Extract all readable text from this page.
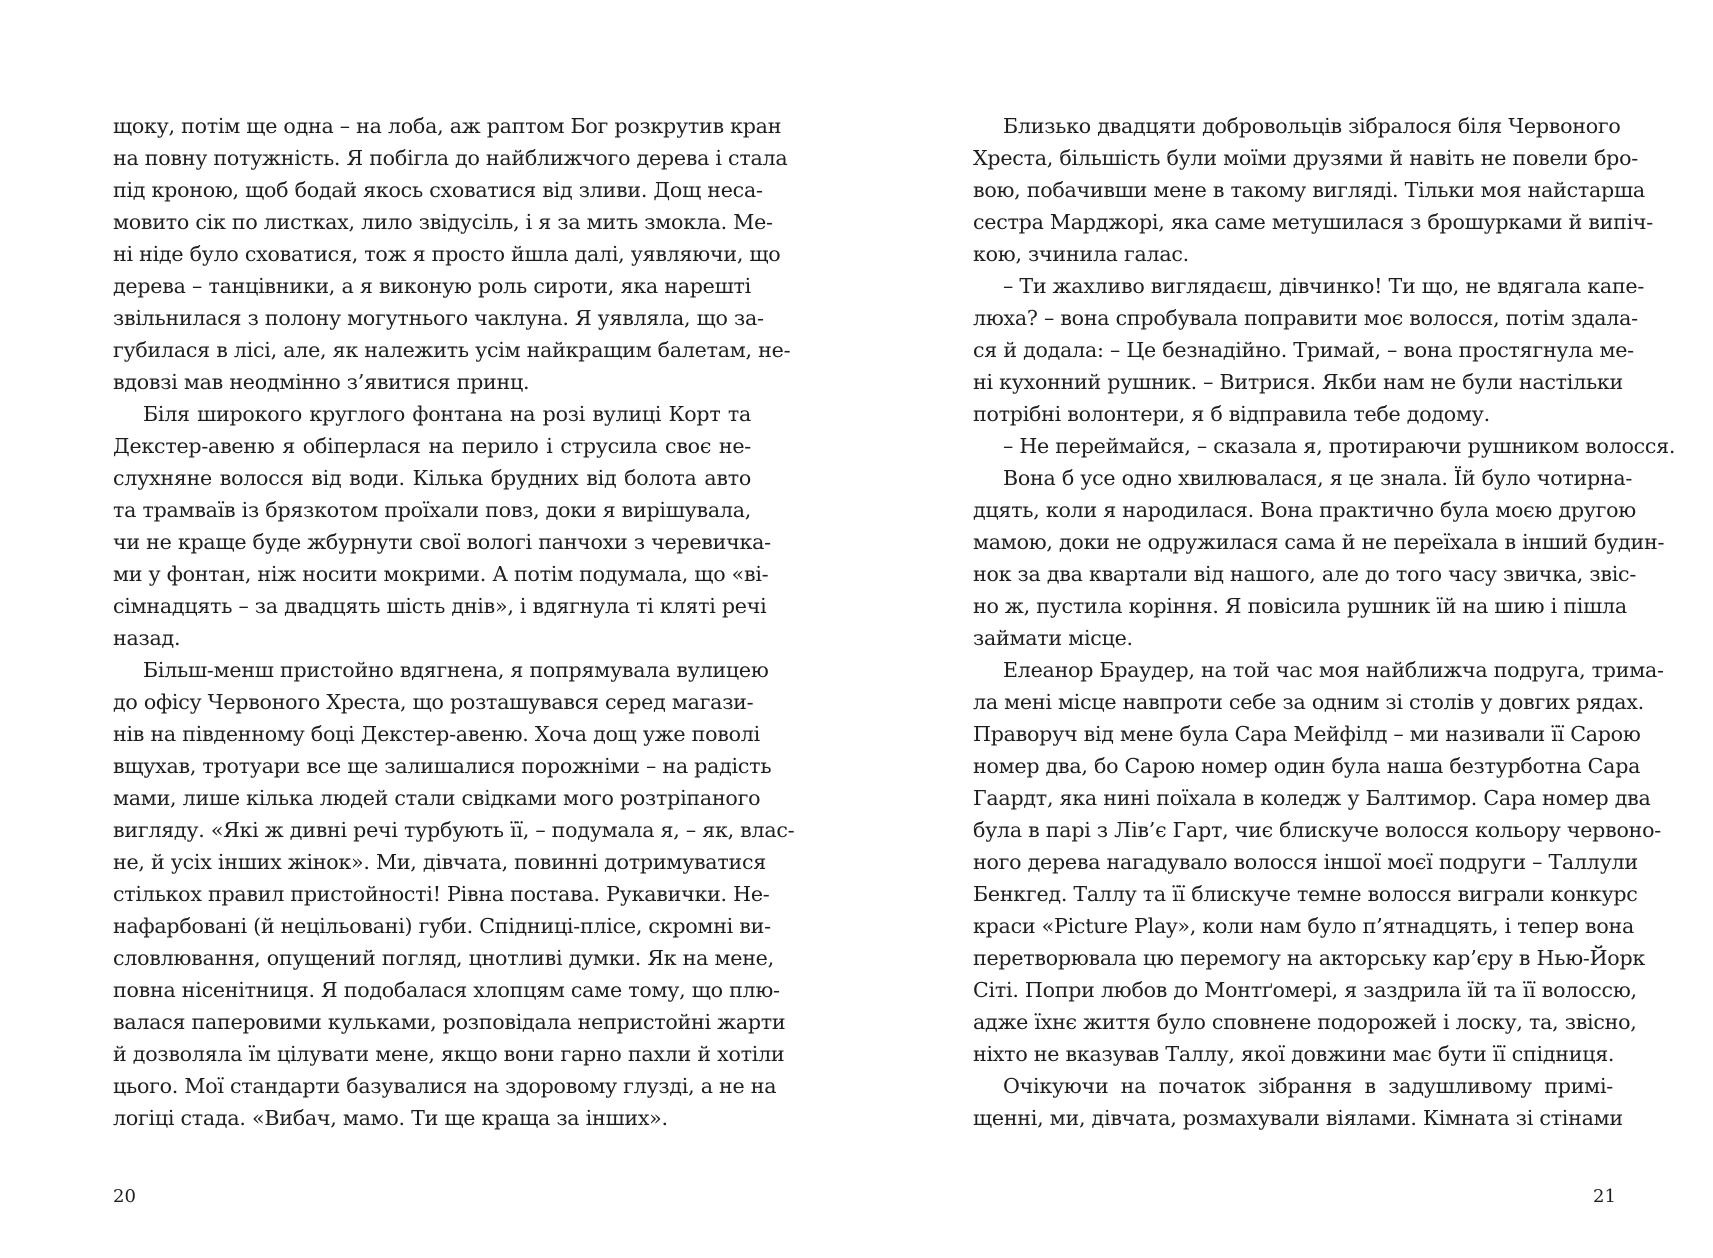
щоку, потім ще одна – на лоба, аж раптом Бог розкрутив кран
на повну потужність. Я побігла до найближчого дерева і стала
під кроною, щоб бодай якось сховатися від зливи. Дощ неса-
мовито сік по листках, лило звідусіль, і я за мить змокла. Ме-
ні ніде було сховатися, тож я просто йшла далі, уявляючи, що
дерева – танцівники, а я виконую роль сироти, яка нарешті
звільнилася з полону могутнього чаклуна. Я уявляла, що за-
губилася в лісі, але, як належить усім найкращим балетам, не-
вдовзі мав неодмінно з’явитися принц.
Біля широкого круглого фонтана на розі вулиці Корт та
Декстер-авеню я обіперлася на перило і струсила своє не-
слухняне волосся від води. Кілька брудних від болота авто
та трамваїв із брязкотом проїхали повз, доки я вирішувала,
чи не краще буде жбурнути свої вологі панчохи з черевичка-
ми у фонтан, ніж носити мокрими. А потім подумала, що «ві-
сімнадцять – за двадцять шість днів», і вдягнула ті кляті речі
назад.
Більш-менш пристойно вдягнена, я попрямувала вулицею
до офісу Червоного Хреста, що розташувався серед магази-
нів на південному боці Декстер-авеню. Хоча дощ уже поволі
вщухав, тротуари все ще залишалися порожніми – на радість
мами, лише кілька людей стали свідками мого розтріпаного
вигляду. «Які ж дивні речі турбують її, – подумала я, – як, влас-
не, й усіх інших жінок». Ми, дівчата, повинні дотримуватися
стількох правил пристойності! Рівна постава. Рукавички. Не-
нафарбовані (й нецільовані) губи. Спідниці-плісе, скромні ви-
словлювання, опущений погляд, цнотливі думки. Як на мене,
повна нісенітниця. Я подобалася хлопцям саме тому, що плю-
валася паперовими кульками, розповідала непристойні жарти
й дозволяла їм цілувати мене, якщо вони гарно пахли й хотіли
цього. Мої стандарти базувалися на здоровому глузді, а не на
логіці стада. «Вибач, мамо. Ти ще краща за інших».
20
Близько двадцяти добровольців зібралося біля Червоного
Хреста, більшість були моїми друзями й навіть не повели бро-
вою, побачивши мене в такому вигляді. Тільки моя найстарша
сестра Марджорі, яка саме метушилася з брошурками й випіч-
кою, зчинила галас.
– Ти жахливо виглядаєш, дівчинко! Ти що, не вдягала капе-
люха? – вона спробувала поправити моє волосся, потім здала-
ся й додала: – Це безнадійно. Тримай, – вона простягнула ме-
ні кухонний рушник. – Витрися. Якби нам не були настільки
потрібні волонтери, я б відправила тебе додому.
– Не переймайся, – сказала я, протираючи рушником волосся.
Вона б усе одно хвилювалася, я це знала. Їй було чотирна-
дцять, коли я народилася. Вона практично була моєю другою
мамою, доки не одружилася сама й не переїхала в інший будин-
нок за два квартали від нашого, але до того часу звичка, звіс-
но ж, пустила коріння. Я повісила рушник їй на шию і пішла
займати місце.
Елеанор Браудер, на той час моя найближча подруга, трима-
ла мені місце навпроти себе за одним зі столів у довгих рядах.
Праворуч від мене була Сара Мейфілд – ми називали її Сарою
номер два, бо Сарою номер один була наша безтурботна Сара
Гаардт, яка нині поїхала в коледж у Балтимор. Сара номер два
була в парі з Лів’є Гарт, чиє блискуче волосся кольору червоно-
ного дерева нагадувало волосся іншої моєї подруги – Таллули
Бенкгед. Таллу та її блискуче темне волосся виграли конкурс
краси «Picture Play», коли нам було п’ятнадцять, і тепер вона
перетворювала цю перемогу на акторську кар’єру в Нью-Йорк
Сіті. Попри любов до Монтґомері, я заздрила їй та її волоссю,
адже їхнє життя було сповнене подорожей і лоску, та, звісно,
ніхто не вказував Таллу, якої довжини має бути її спідниця.
Очікуючи на початок зібрання в задушливому примі-
щенні, ми, дівчата, розмахували віялами. Кімната зі стінами
21
